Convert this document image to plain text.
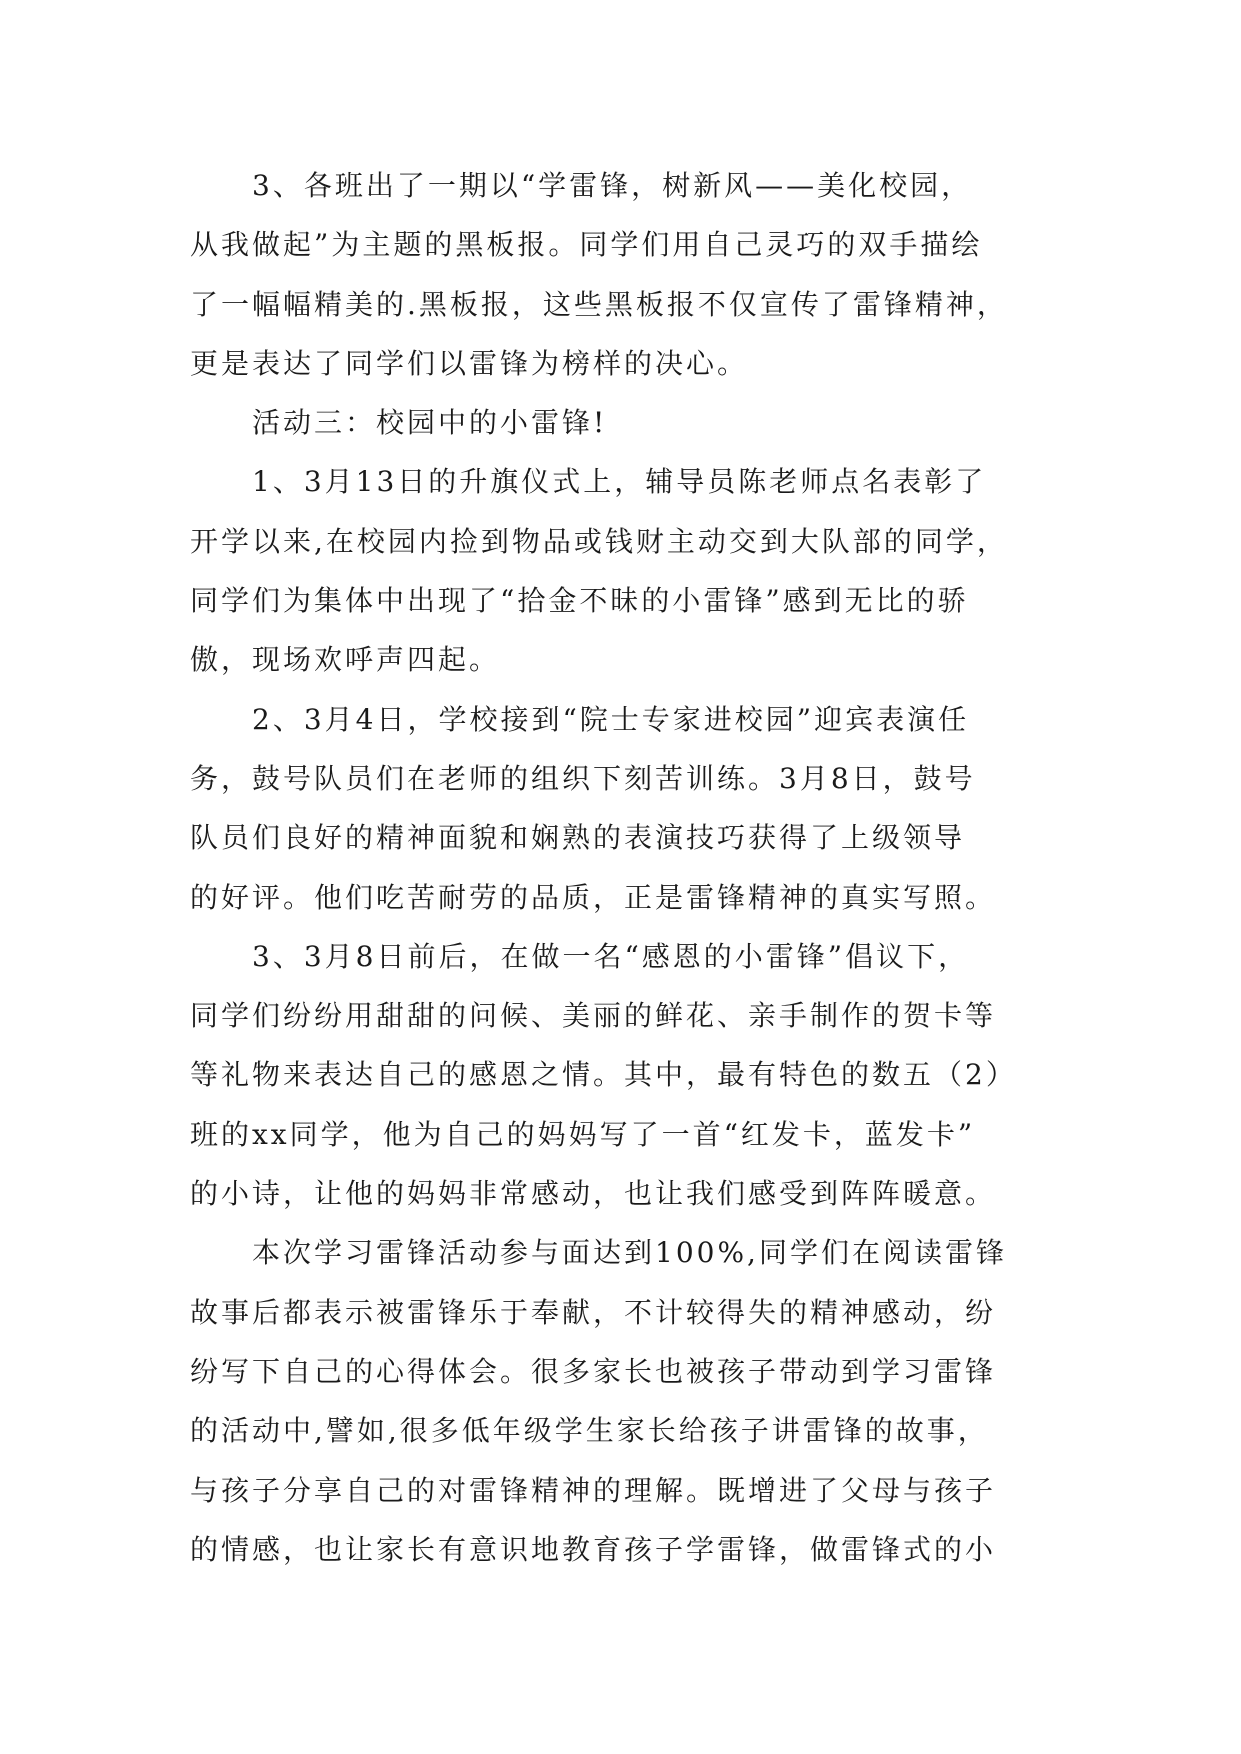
3、各班出了一期以“学雷锋，树新风——美化校园，
从我做起”为主题的黑板报。同学们用自己灵巧的双手描绘
了一幅幅精美的.黑板报，这些黑板报不仅宣传了雷锋精神，
更是表达了同学们以雷锋为榜样的决心。
活动三：校园中的小雷锋!
1、3月13日的升旗仪式上，辅导员陈老师点名表彰了
开学以来,在校园内捡到物品或钱财主动交到大队部的同学，
同学们为集体中出现了“拾金不昧的小雷锋”感到无比的骄
傲，现场欢呼声四起。
2、3月4日，学校接到“院士专家进校园”迎宾表演任
务，鼓号队员们在老师的组织下刻苦训练。3月8日，鼓号
队员们良好的精神面貌和娴熟的表演技巧获得了上级领导
的好评。他们吃苦耐劳的品质，正是雷锋精神的真实写照。
3、3月8日前后，在做一名“感恩的小雷锋”倡议下，
同学们纷纷用甜甜的问候、美丽的鲜花、亲手制作的贺卡等
等礼物来表达自己的感恩之情。其中，最有特色的数五（2）
班的xx同学，他为自己的妈妈写了一首“红发卡，蓝发卡”
的小诗，让他的妈妈非常感动，也让我们感受到阵阵暖意。
本次学习雷锋活动参与面达到100%,同学们在阅读雷锋
故事后都表示被雷锋乐于奉献，不计较得失的精神感动，纷
纷写下自己的心得体会。很多家长也被孩子带动到学习雷锋
的活动中,譬如,很多低年级学生家长给孩子讲雷锋的故事，
与孩子分享自己的对雷锋精神的理解。既增进了父母与孩子
的情感，也让家长有意识地教育孩子学雷锋，做雷锋式的小
